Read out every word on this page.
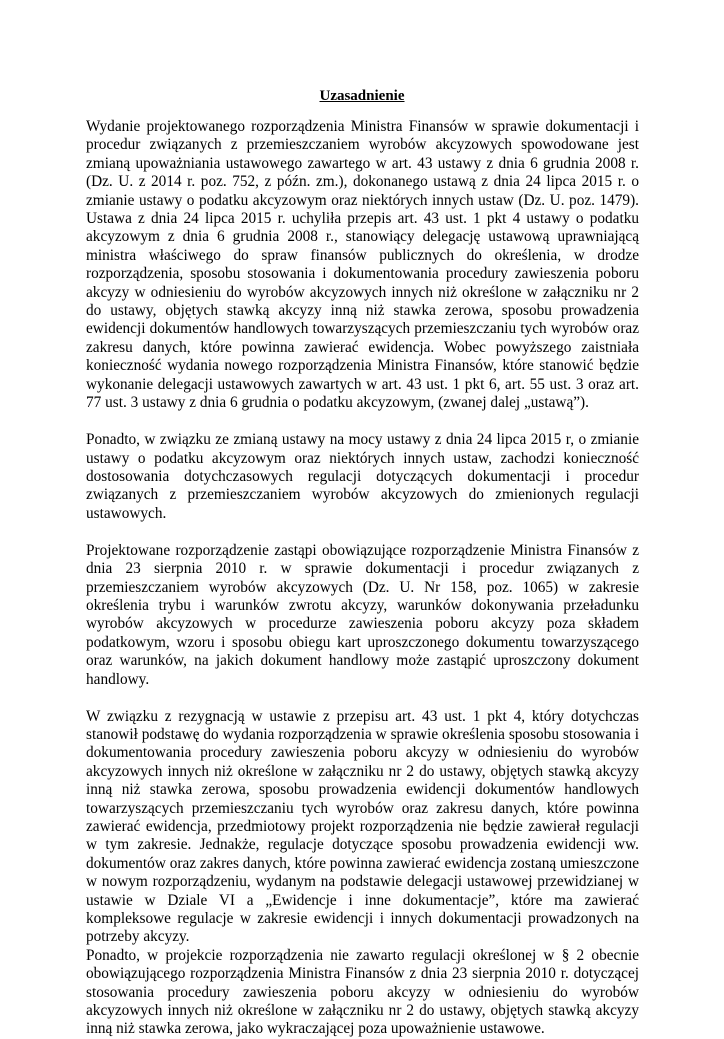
Uzasadnienie

Wydanie projektowanego rozporządzenia Ministra Finansów w sprawie dokumentacji i procedur związanych z przemieszczaniem wyrobów akcyzowych spowodowane jest zmianą upoważniania ustawowego zawartego w art. 43 ustawy z dnia 6 grudnia 2008 r. (Dz. U. z 2014 r. poz. 752, z późn. zm.), dokonanego ustawą z dnia 24 lipca 2015 r. o zmianie ustawy o podatku akcyzowym oraz niektórych innych ustaw (Dz. U. poz. 1479). Ustawa z dnia 24 lipca 2015 r. uchyliła przepis art. 43 ust. 1 pkt 4 ustawy o podatku akcyzowym z dnia 6 grudnia 2008 r., stanowiący delegację ustawową uprawniającą ministra właściwego do spraw finansów publicznych do określenia, w drodze rozporządzenia, sposobu stosowania i dokumentowania procedury zawieszenia poboru akcyzy w odniesieniu do wyrobów akcyzowych innych niż określone w załączniku nr 2 do ustawy, objętych stawką akcyzy inną niż stawka zerowa, sposobu prowadzenia ewidencji dokumentów handlowych towarzyszących przemieszczaniu tych wyrobów oraz zakresu danych, które powinna zawierać ewidencja. Wobec powyższego zaistniała konieczność wydania nowego rozporządzenia Ministra Finansów, które stanowić będzie wykonanie delegacji ustawowych zawartych w art. 43 ust. 1 pkt 6, art. 55 ust. 3 oraz art. 77 ust. 3 ustawy z dnia 6 grudnia o podatku akcyzowym, (zwanej dalej „ustawą”).

Ponadto, w związku ze zmianą ustawy na mocy ustawy z dnia 24 lipca 2015 r, o zmianie ustawy o podatku akcyzowym oraz niektórych innych ustaw, zachodzi konieczność dostosowania dotychczasowych regulacji dotyczących dokumentacji i procedur związanych z przemieszczaniem wyrobów akcyzowych do zmienionych regulacji ustawowych.

Projektowane rozporządzenie zastąpi obowiązujące rozporządzenie Ministra Finansów z dnia 23 sierpnia 2010 r. w sprawie dokumentacji i procedur związanych z przemieszczaniem wyrobów akcyzowych (Dz. U. Nr 158, poz. 1065) w zakresie określenia trybu i warunków zwrotu akcyzy, warunków dokonywania przeładunku wyrobów akcyzowych w procedurze zawieszenia poboru akcyzy poza składem podatkowym, wzoru i sposobu obiegu kart uproszczonego dokumentu towarzyszącego oraz warunków, na jakich dokument handlowy może zastąpić uproszczony dokument handlowy.

W związku z rezygnacją w ustawie z przepisu art. 43 ust. 1 pkt 4, który dotychczas stanowił podstawę do wydania rozporządzenia w sprawie określenia sposobu stosowania i dokumentowania procedury zawieszenia poboru akcyzy w odniesieniu do wyrobów akcyzowych innych niż określone w załączniku nr 2 do ustawy, objętych stawką akcyzy inną niż stawka zerowa, sposobu prowadzenia ewidencji dokumentów handlowych towarzyszących przemieszczaniu tych wyrobów oraz zakresu danych, które powinna zawierać ewidencja, przedmiotowy projekt rozporządzenia nie będzie zawierał regulacji w tym zakresie. Jednakże, regulacje dotyczące sposobu prowadzenia ewidencji ww. dokumentów oraz zakres danych, które powinna zawierać ewidencja zostaną umieszczone w nowym rozporządzeniu, wydanym na podstawie delegacji ustawowej przewidzianej w ustawie w Dziale VI a „Ewidencje i inne dokumentacje”, które ma zawierać kompleksowe regulacje w zakresie ewidencji i innych dokumentacji prowadzonych na potrzeby akcyzy.

Ponadto, w projekcie rozporządzenia nie zawarto regulacji określonej w § 2 obecnie obowiązującego rozporządzenia Ministra Finansów z dnia 23 sierpnia 2010 r. dotyczącej stosowania procedury zawieszenia poboru akcyzy w odniesieniu do wyrobów akcyzowych innych niż określone w załączniku nr 2 do ustawy, objętych stawką akcyzy inną niż stawka zerowa, jako wykraczającej poza upoważnienie ustawowe.
